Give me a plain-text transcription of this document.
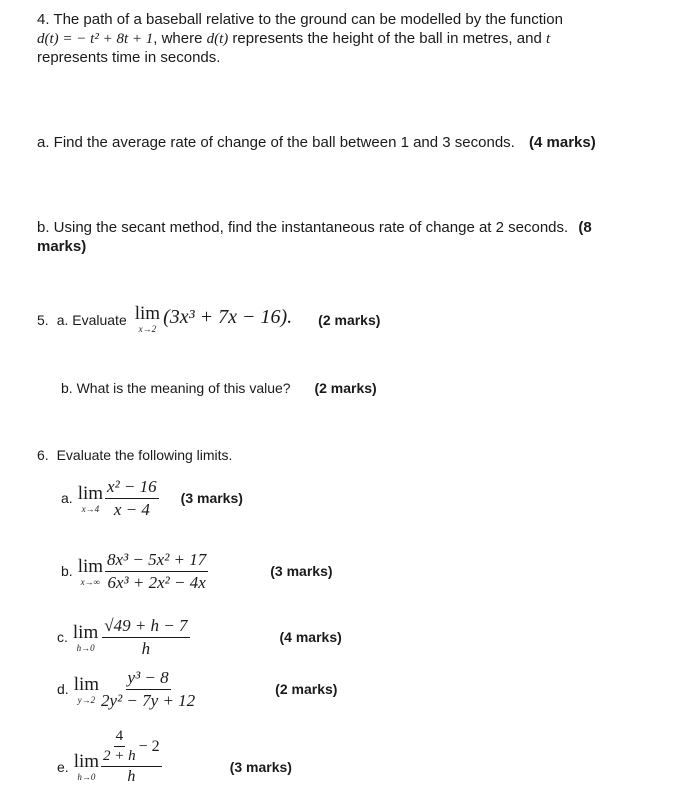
4. The path of a baseball relative to the ground can be modelled by the function
d(t) = − t² + 8t + 1, where d(t) represents the height of the ball in metres, and t
represents time in seconds.
a. Find the average rate of change of the ball between 1 and 3 seconds. (4 marks)
b. Using the secant method, find the instantaneous rate of change at 2 seconds. (8
marks)
5. a. Evaluate lim
x→2
(3x³ + 7x − 16). (2 marks)
b. What is the meaning of this value? (2 marks)
6. Evaluate the following limits.
a. lim
$x\to 4 \frac{\text{x² − 16}}{x - 4} (3$ marks)
b. lim
$x\to\infty \frac{\text{8x³ − 5x² + 17}}{\text{6x³ + 2x² − 4x}}$	(3 marks)
c. lim
$h\to 0 \frac{√49 + h - 7}{h}$	(4 marks)
d. lim
$y\to 2 \frac{\text{y³ − 8}}{\text{2y² − 7y + 12}}$	(2 marks)
e. lim
$h\to 0 \frac{\frac{4}{2 + h} - 2}{h}$	(3 marks)
